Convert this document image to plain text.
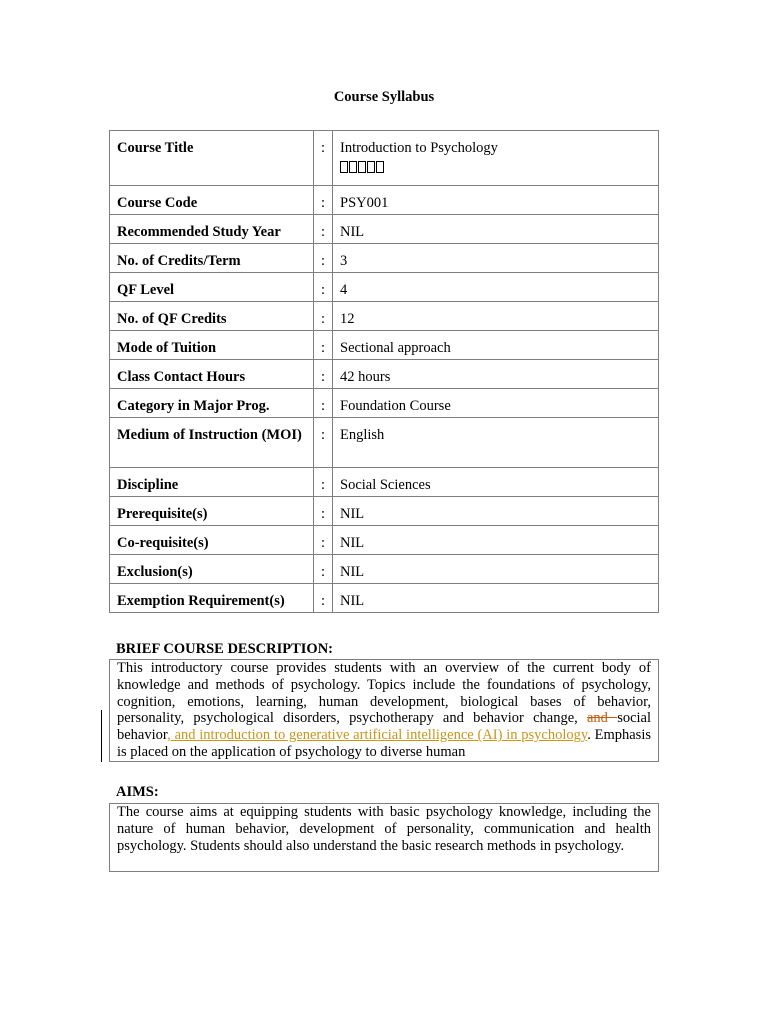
Course Syllabus
Course Title	:	Introduction to Psychology

Course Code	:	PSY001
Recommended Study Year	:	NIL
No. of Credits/Term	:	3
QF Level	:	4
No. of QF Credits	:	12
Mode of Tuition	:	Sectional approach
Class Contact Hours	:	42 hours
Category in Major Prog.	:	Foundation Course
Medium of Instruction (MOI)	:	English
Discipline	:	Social Sciences
Prerequisite(s)	:	NIL
Co-requisite(s)	:	NIL
Exclusion(s)	:	NIL
Exemption Requirement(s)	:	NIL
BRIEF COURSE DESCRIPTION:
This introductory course provides students with an overview of the current body of knowledge and methods of psychology. Topics include the foundations of psychology, cognition, emotions, learning, human development, biological bases of behavior, personality, psychological disorders, psychotherapy and behavior change, and social behavior, and introduction to generative artificial intelligence (AI) in psychology. Emphasis is placed on the application of psychology to diverse human
AIMS:
The course aims at equipping students with basic psychology knowledge, including the nature of human behavior, development of personality, communication and health psychology. Students should also understand the basic research methods in psychology.
